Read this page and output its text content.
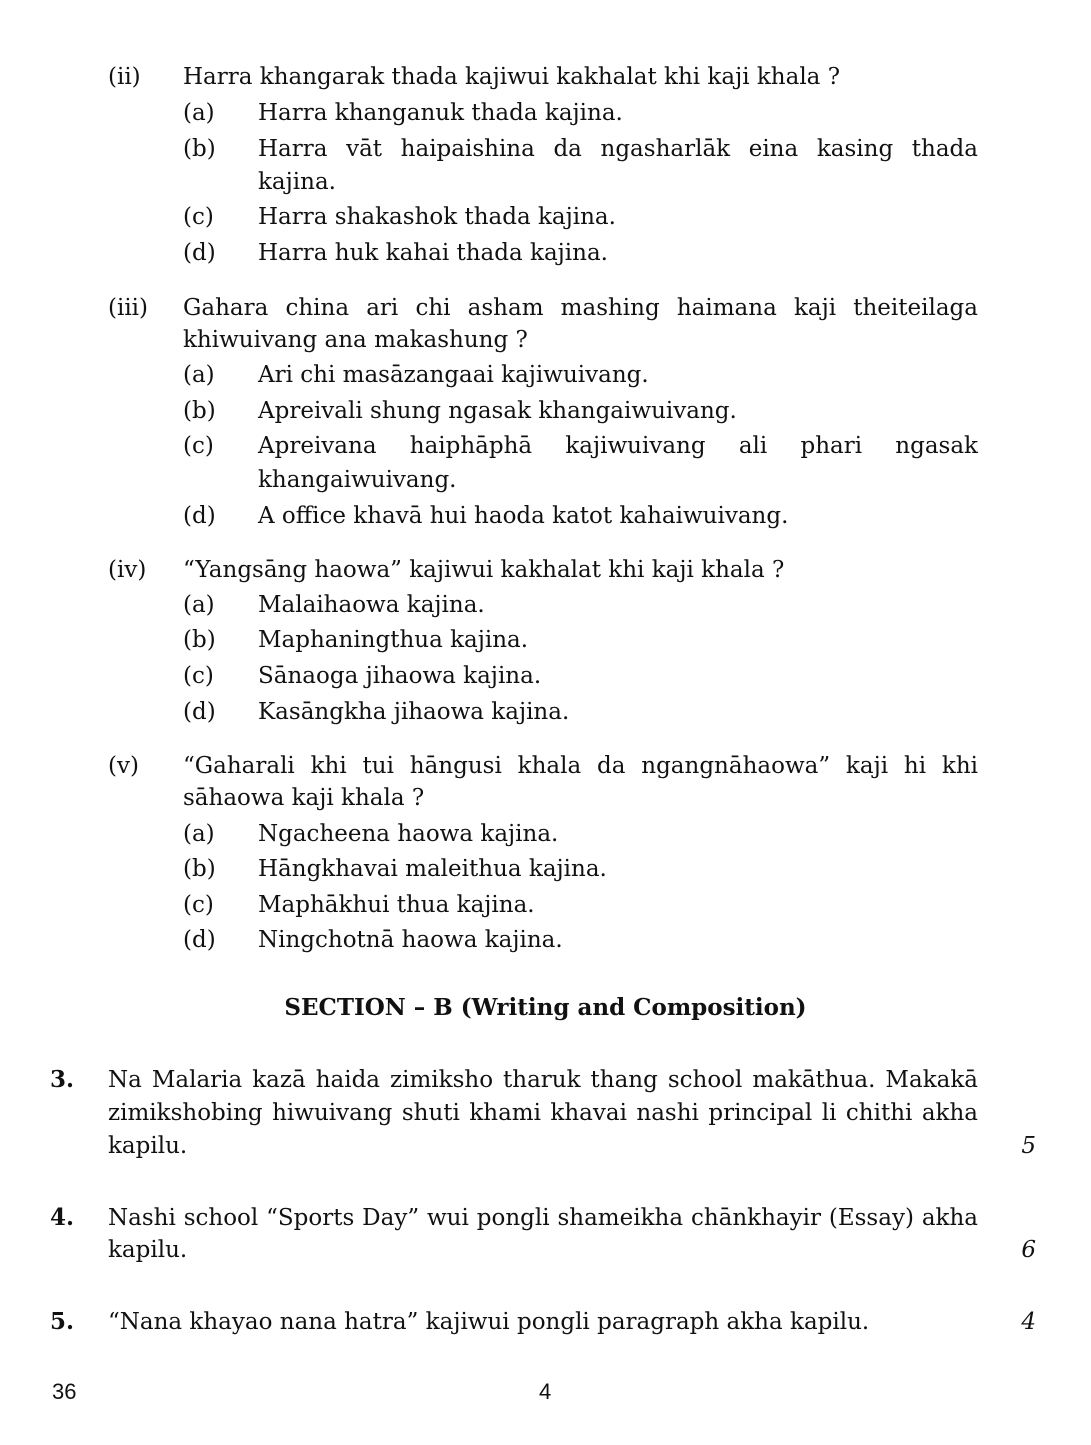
(ii) Harra khangarak thada kajiwui kakhalat khi kaji khala ?
(a) Harra khanganuk thada kajina.
(b) Harra vāt haipaishina da ngasharlāk eina kasing thada
kajina.
(c) Harra shakashok thada kajina.
(d) Harra huk kahai thada kajina.
(iii) Gahara china ari chi asham mashing haimana kaji theiteilaga
khiwuivang ana makashung ?
(a) Ari chi masāzangaai kajiwuivang.
(b) Apreivali shung ngasak khangaiwuivang.
(c) Apreivana haiphāphā kajiwuivang ali phari ngasak
khangaiwuivang.
(d) A office khavā hui haoda katot kahaiwuivang.
(iv) “Yangsāng haowa” kajiwui kakhalat khi kaji khala ?
(a) Malaihaowa kajina.
(b) Maphaningthua kajina.
(c) Sānaoga jihaowa kajina.
(d) Kasāngkha jihaowa kajina.
(v) “Gaharali khi tui hāngusi khala da ngangnāhaowa” kaji hi khi
sāhaowa kaji khala ?
(a) Ngacheena haowa kajina.
(b) Hāngkhavai maleithua kajina.
(c) Maphākhui thua kajina.
(d) Ningchotnā haowa kajina.
SECTION – B (Writing and Composition)
3. Na Malaria kazā haida zimiksho tharuk thang school makāthua. Makakā
zimikshobing hiwuivang shuti khami khavai nashi principal li chithi akha
kapilu.	5
4. Nashi school “Sports Day” wui pongli shameikha chānkhayir (Essay) akha
kapilu.	6
5. “Nana khayao nana hatra” kajiwui pongli paragraph akha kapilu.	4
36	4
